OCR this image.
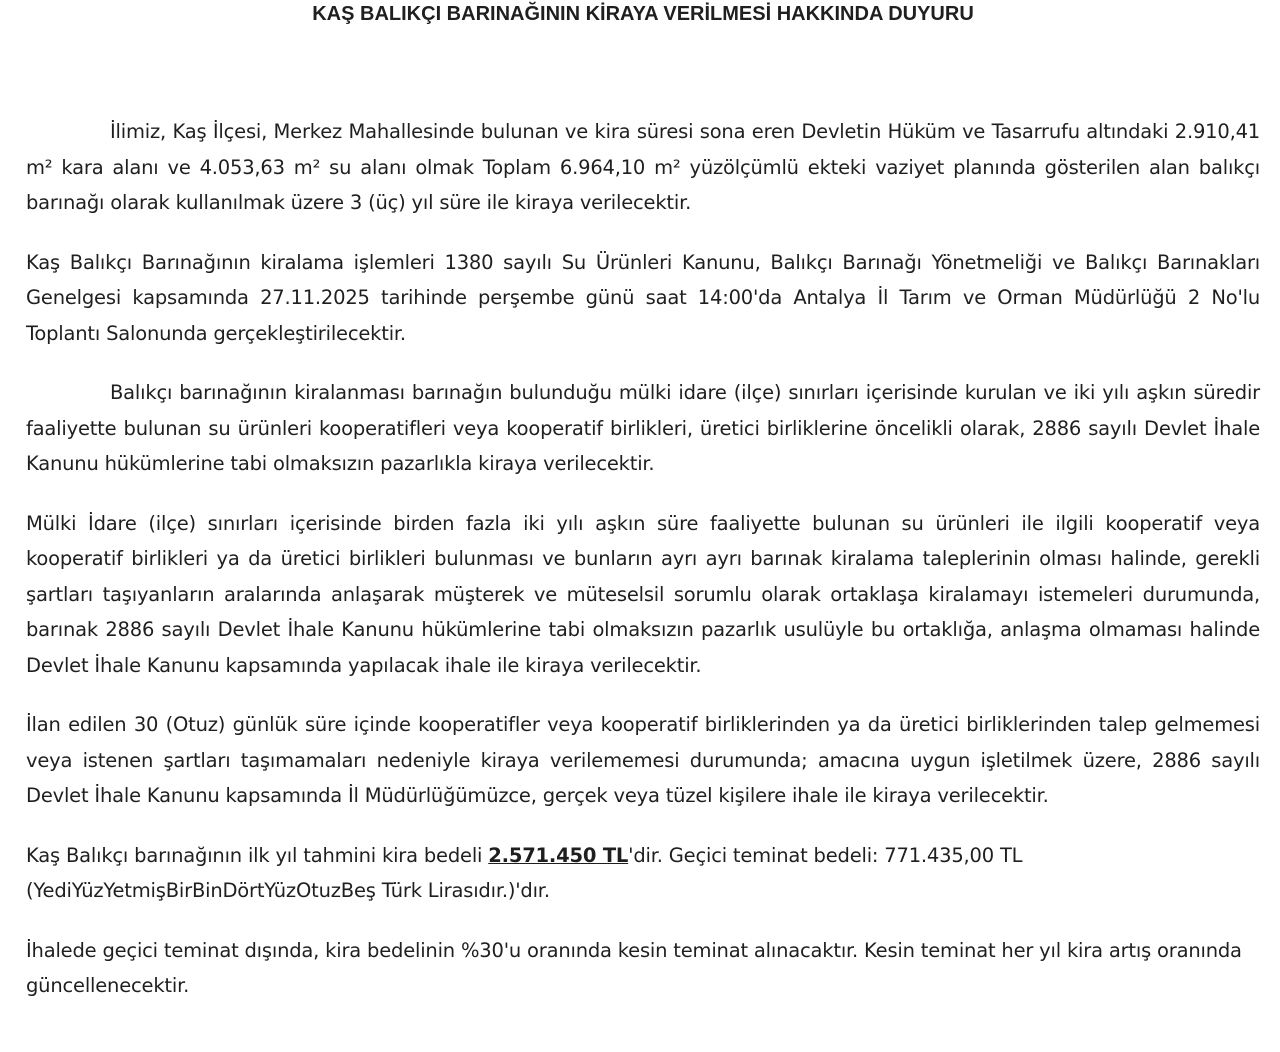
KAŞ BALIKÇI BARINAĞININ KİRAYA VERİLMESİ HAKKINDA DUYURU

İlimiz, Kaş İlçesi, Merkez Mahallesinde bulunan ve kira süresi sona eren Devletin Hüküm ve Tasarrufu altındaki 2.910,41 m² kara alanı ve 4.053,63 m² su alanı olmak Toplam 6.964,10 m² yüzölçümlü ekteki vaziyet planında gösterilen alan balıkçı barınağı olarak kullanılmak üzere 3 (üç) yıl süre ile kiraya verilecektir.

Kaş Balıkçı Barınağının kiralama işlemleri 1380 sayılı Su Ürünleri Kanunu, Balıkçı Barınağı Yönetmeliği ve Balıkçı Barınakları Genelgesi kapsamında 27.11.2025 tarihinde perşembe günü saat 14:00'da Antalya İl Tarım ve Orman Müdürlüğü 2 No'lu Toplantı Salonunda gerçekleştirilecektir.

Balıkçı barınağının kiralanması barınağın bulunduğu mülki idare (ilçe) sınırları içerisinde kurulan ve iki yılı aşkın süredir faaliyette bulunan su ürünleri kooperatifleri veya kooperatif birlikleri, üretici birliklerine öncelikli olarak, 2886 sayılı Devlet İhale Kanunu hükümlerine tabi olmaksızın pazarlıkla kiraya verilecektir.

Mülki İdare (ilçe) sınırları içerisinde birden fazla iki yılı aşkın süre faaliyette bulunan su ürünleri ile ilgili kooperatif veya kooperatif birlikleri ya da üretici birlikleri bulunması ve bunların ayrı ayrı barınak kiralama taleplerinin olması halinde, gerekli şartları taşıyanların aralarında anlaşarak müşterek ve müteselsil sorumlu olarak ortaklaşa kiralamayı istemeleri durumunda, barınak 2886 sayılı Devlet İhale Kanunu hükümlerine tabi olmaksızın pazarlık usulüyle bu ortaklığa, anlaşma olmaması halinde Devlet İhale Kanunu kapsamında yapılacak ihale ile kiraya verilecektir.

İlan edilen 30 (Otuz) günlük süre içinde kooperatifler veya kooperatif birliklerinden ya da üretici birliklerinden talep gelmemesi veya istenen şartları taşımamaları nedeniyle kiraya verilememesi durumunda; amacına uygun işletilmek üzere, 2886 sayılı Devlet İhale Kanunu kapsamında İl Müdürlüğümüzce, gerçek veya tüzel kişilere ihale ile kiraya verilecektir.

Kaş Balıkçı barınağının ilk yıl tahmini kira bedeli 2.571.450 TL'dir. Geçici teminat bedeli: 771.435,00 TL (YediYüzYetmişBirBinDörtYüzOtuzBeş Türk Lirasıdır.)'dır.

İhalede geçici teminat dışında, kira bedelinin %30'u oranında kesin teminat alınacaktır. Kesin teminat her yıl kira artış oranında güncellenecektir.
